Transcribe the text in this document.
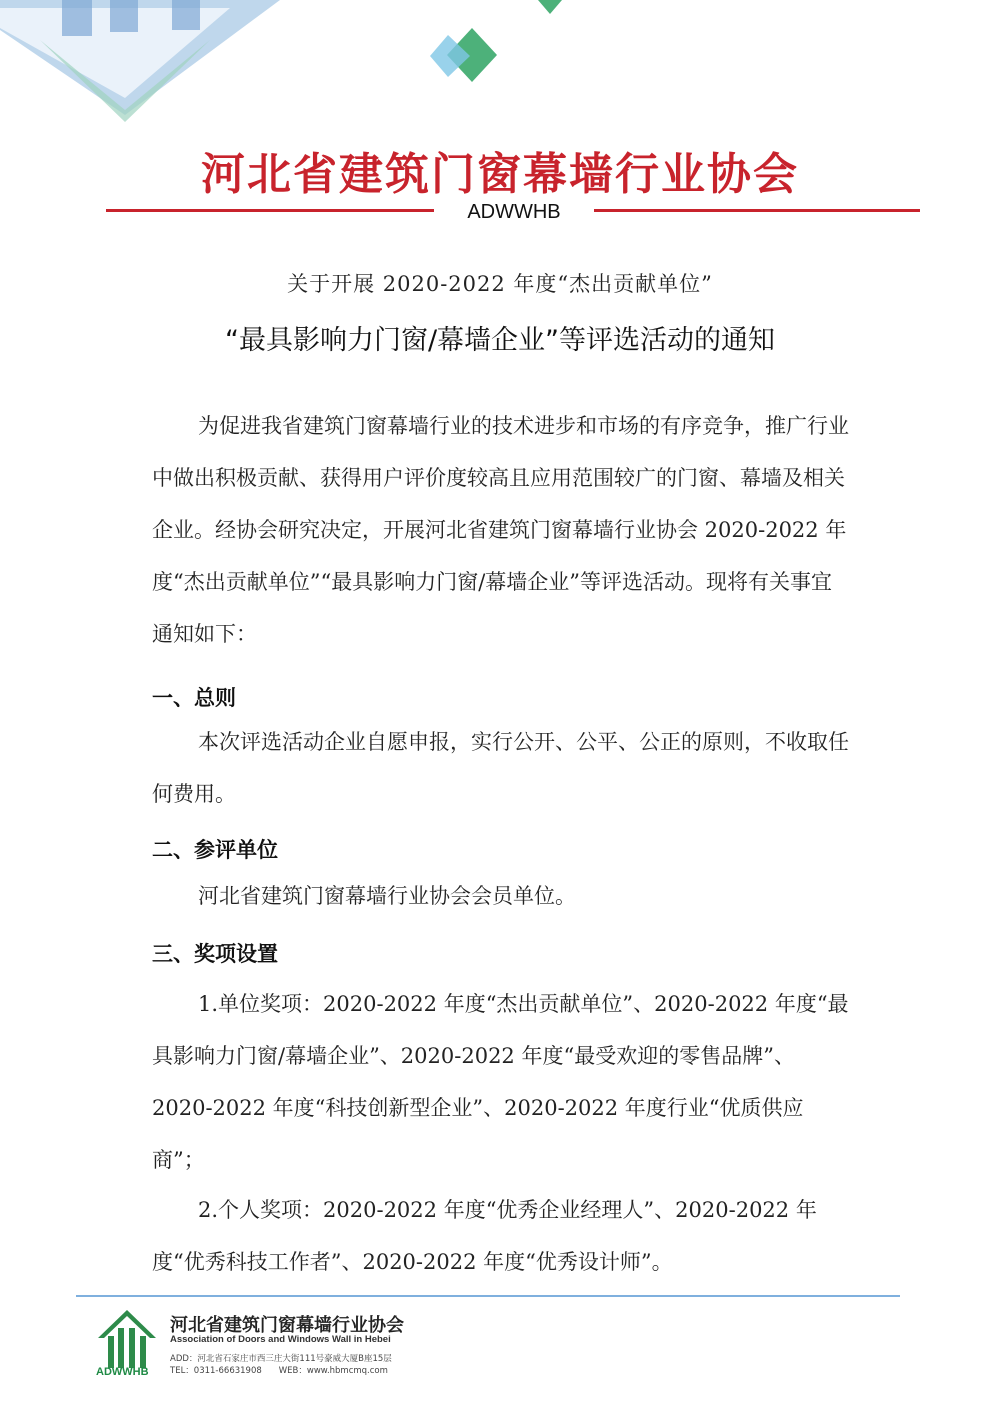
河北省建筑门窗幕墙行业协会
ADWWHB
关于开展 2020-2022 年度“杰出贡献单位”
“最具影响力门窗/幕墙企业”等评选活动的通知

为促进我省建筑门窗幕墙行业的技术进步和市场的有序竞争，推广行业中做出积极贡献、获得用户评价度较高且应用范围较广的门窗、幕墙及相关企业。经协会研究决定，开展河北省建筑门窗幕墙行业协会 2020-2022 年度“杰出贡献单位”“最具影响力门窗/幕墙企业”等评选活动。现将有关事宜通知如下：

一、总则

本次评选活动企业自愿申报，实行公开、公平、公正的原则，不收取任何费用。

二、参评单位

河北省建筑门窗幕墙行业协会会员单位。

三、奖项设置

1.单位奖项：2020-2022 年度“杰出贡献单位”、2020-2022 年度“最具影响力门窗/幕墙企业”、2020-2022 年度“最受欢迎的零售品牌”、2020-2022 年度“科技创新型企业”、2020-2022 年度行业“优质供应商”；

2.个人奖项：2020-2022 年度“优秀企业经理人”、2020-2022 年度“优秀科技工作者”、2020-2022 年度“优秀设计师”。

ADWWHB
河北省建筑门窗幕墙行业协会
Association of Doors and Windows Wall in Hebei
ADD：河北省石家庄市西三庄大街111号豪威大厦B座15层
TEL：0311-66631908　　WEB：www.hbmcmq.com
